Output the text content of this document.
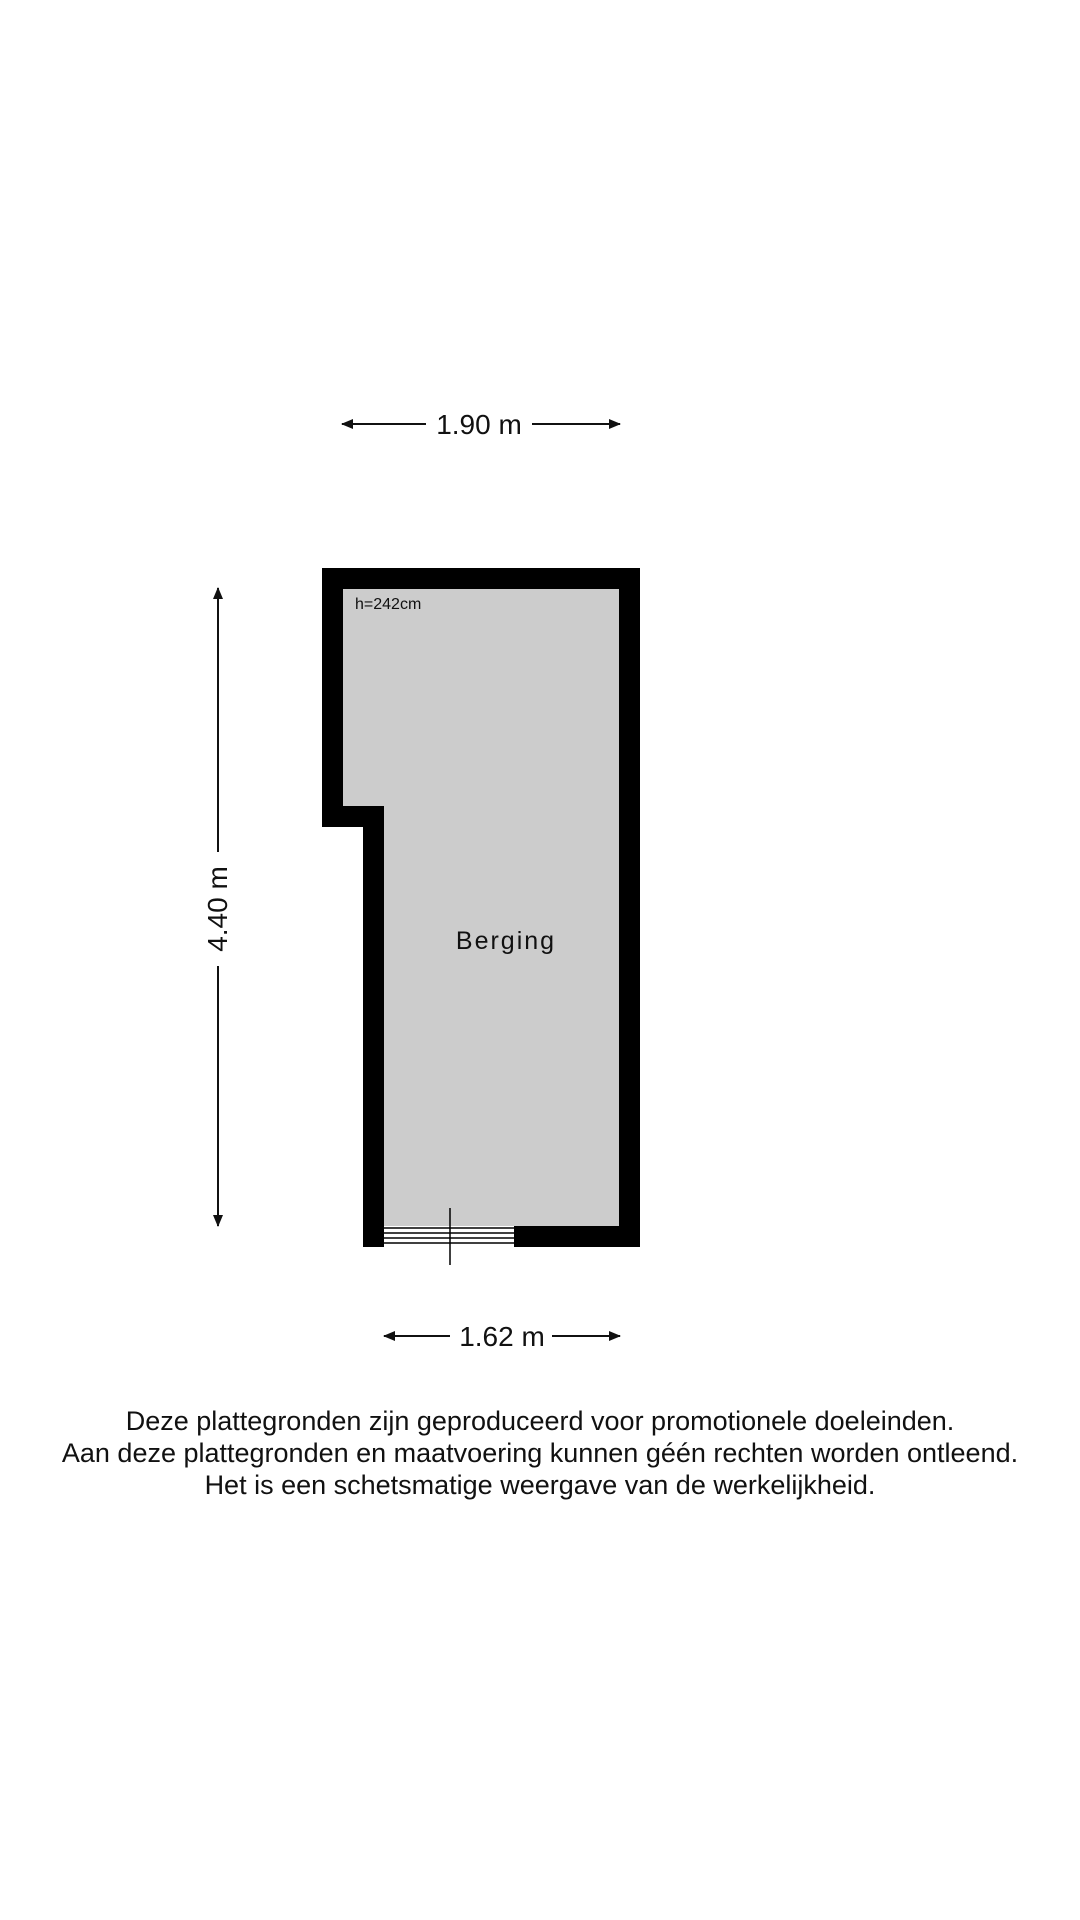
1.90 m
4.40 m
h=242cm
Berging
1.62 m
Deze plattegronden zijn geproduceerd voor promotionele doeleinden.
Aan deze plattegronden en maatvoering kunnen géén rechten worden ontleend.
Het is een schetsmatige weergave van de werkelijkheid.
